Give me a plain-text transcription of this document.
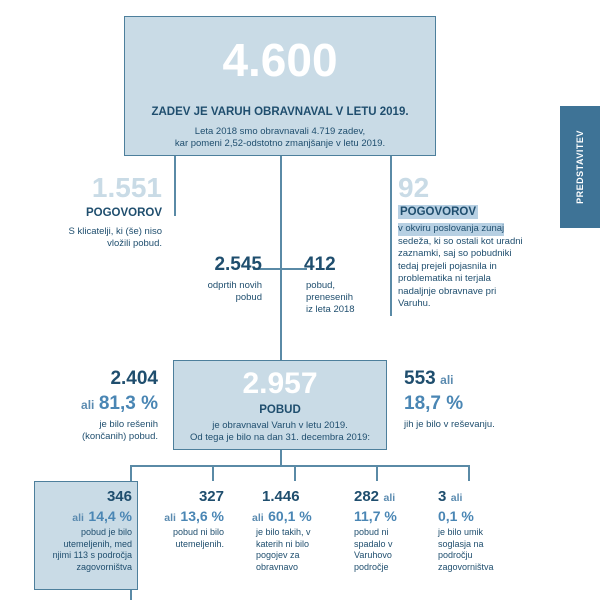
PREDSTAVITEV
4.600
ZADEV JE VARUH OBRAVNAVAL V LETU 2019.
Leta 2018 smo obravnavali 4.719 zadev,
kar pomeni 2,52-odstotno zmanjšanje v letu 2019.
1.551
POGOVOROV
S klicatelji, ki (še) niso
vložili pobud.
92
POGOVOROV
v okviru poslovanja zunaj
sedeža, ki so ostali kot uradni
zaznamki, saj so pobudniki
tedaj prejeli pojasnila in
problematika ni terjala
nadaljnje obravnave pri
Varuhu.
2.545
odprtih novih
pobud
412
pobud,
prenesenih
iz leta 2018
2.957
POBUD
je obravnaval Varuh v letu 2019.
Od tega je bilo na dan 31. decembra 2019:
2.404
ali 81,3 %
je bilo rešenih
(končanih) pobud.
553 ali
18,7 %
jih je bilo v reševanju.
346
ali 14,4 %
pobud je bilo
utemeljenih, med
njimi 113 s področja
zagovorništva
327
ali 13,6 %
pobud ni bilo
utemeljenih.
1.446
ali 60,1 %
je bilo takih, v
katerih ni bilo
pogojev za
obravnavo
282 ali
11,7 %
pobud ni
spadalo v
Varuhovo
področje
3 ali
0,1 %
je bilo umik
soglasja na
področju
zagovorništva
